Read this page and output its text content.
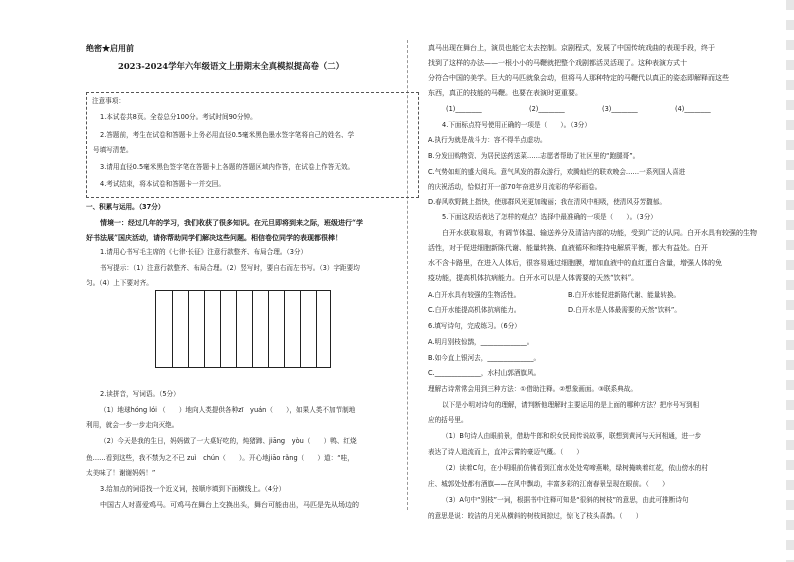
绝密★启用前
2023-2024学年六年级语文上册期末全真模拟提高卷（二）
注意事项：
1.本试卷共8页。全卷总分100分。考试时间90分钟。
2.答题前，考生在试卷和答题卡上务必用直径0.5毫米黑色墨水签字笔将自己的姓名、学
号填写清楚。
3.请用直径0.5毫米黑色签字笔在答题卡上各题的答题区域内作答，在试卷上作答无效。
4.考试结束，将本试卷和答题卡一并交回。
一、积累与运用。（37分）
情境一：经过几年的学习，我们收获了很多知识。在元旦即将到来之际，班级进行“学
好书法展”国庆活动，请你帮助同学们解决这些问题。相信卷位同学的表现都很棒！
1.请用心书写毛主席的《七律·长征》注意行款整齐、布局合理。（3分）
书写提示：（1）注意行款整齐、布局合理。（2）竖写时，要自右而左书写。（3）字距要均
匀。（4）上下要对齐。
2.读拼音，写词语。（5分）
（1）地球hóng lói （　　）地向人类提供各种zī　yuán（　　），如果人类不加节制地
利用，就会一步一步走向灭绝。
（2）今天是我的生日，妈妈做了一大桌好吃的，炖猪蹄、jiāng　yòu（　　）鸭、红烧
鱼……看到这些，我不禁为之不已 zuì　chún（　　）。开心地jiāo rǎng（　　）道：“哇，
太美味了！谢谢妈妈！”
3.给加点的词语找一个近义词，按顺序填到下面横线上。（4分）
中国古人对喜爱鸡马。可鸡马在舞台上交换出头，舞台可能由出，马匹是先从场边的
真马出现在舞台上，演员也能它太去控制。京剧程式，发展了中国传统戏曲的表现手段，终于
找到了这样的办法——一根小小的马鞭就把整个戏剧都活灵活现了。这种表演方式十
分符合中国的美学。巨大的马匹就象会动，但将马人那种特定的马鞭代以真正的姿态即解释而这些
东西，真正的技能的马鞭。也要在表演时更重要。
(1)________	(2)________	(3)________	(4)________
4.下面标点符号使用正确的一项是（　　）。（3分）
A.执行为就是战斗力：容不得半点虚功。
B.分发田购物资、为居民送药送菜……志愿者帮助了社区里的“跑腿哥”。
C.气势如虹的盛大阅兵。意气风发的群众游行，欢腾灿烂的联欢晚会……一系列国人喜进
的庆祝活动，恰似打开一部70年奋进岁月流彩的华彩画卷。
D.春风吹野跳上指快，使那群风光更加瑰丽；我在清风中相吸，使清风芬芳馥郁。
5.下面这段话表达了怎样的观点？选择中最准确的一项是（　　）。（3分）
白开水获取易取，有调节体温、输送养分及清洁内部的功能，受到广泛的认同。白开水具有较强的生物
活性，对于促进细胞新陈代谢、能量转换、血液循环和维持电解质平衡，都大有益处。白开
水不含卡路里，在进入人体后，很容易通过细胞膜，增加血液中的血红蛋白含量，增强人体的免
疫功能，提高机体抗病能力。白开水可以是人体需要的天然“饮料”。
A.白开水具有较强的生物活性。	B.白开水能促进新陈代谢、能量转换。
C.白开水能提高机体抗病能力。	D.白开水是人体最需要的天然“饮料”。
6.填写诗句，完成练习。（6分）
A.明月别枝惊鹊，______________。
B.如今直上银河去，______________。
C.______________，水村山郭酒旗风。
理解古诗常常会用到三种方法：①借助注释。②想象画面。③联系典故。
以下是小明对诗句的理解，请判断他理解时主要运用的是上面的哪种方法？把序号写到相
应的括号里。
（1）B句诗人由眼前景，借助牛郎和织女民间传说故事，联想到黄河与天河相通，进一步
表达了诗人追流而上，直冲云霄的豪迈气概。（　　）
（2）读着C句，在小明眼前仿佛看到江南水处处莺啼燕啭，绿树掩映着红花，依山傍水的村
庄、城郭处处都有酒旗——在风中飘动，丰富多彩的江南春景呈现在眼前。（　　）
（3）A句中“别枝”一词，根据书中注释可知是“很斜的树枝”的意思，由此可推断诗句
的意思是说：皎洁的月光从横斜的树枝间掠过，惊飞了枝头喜鹊。（　　）
